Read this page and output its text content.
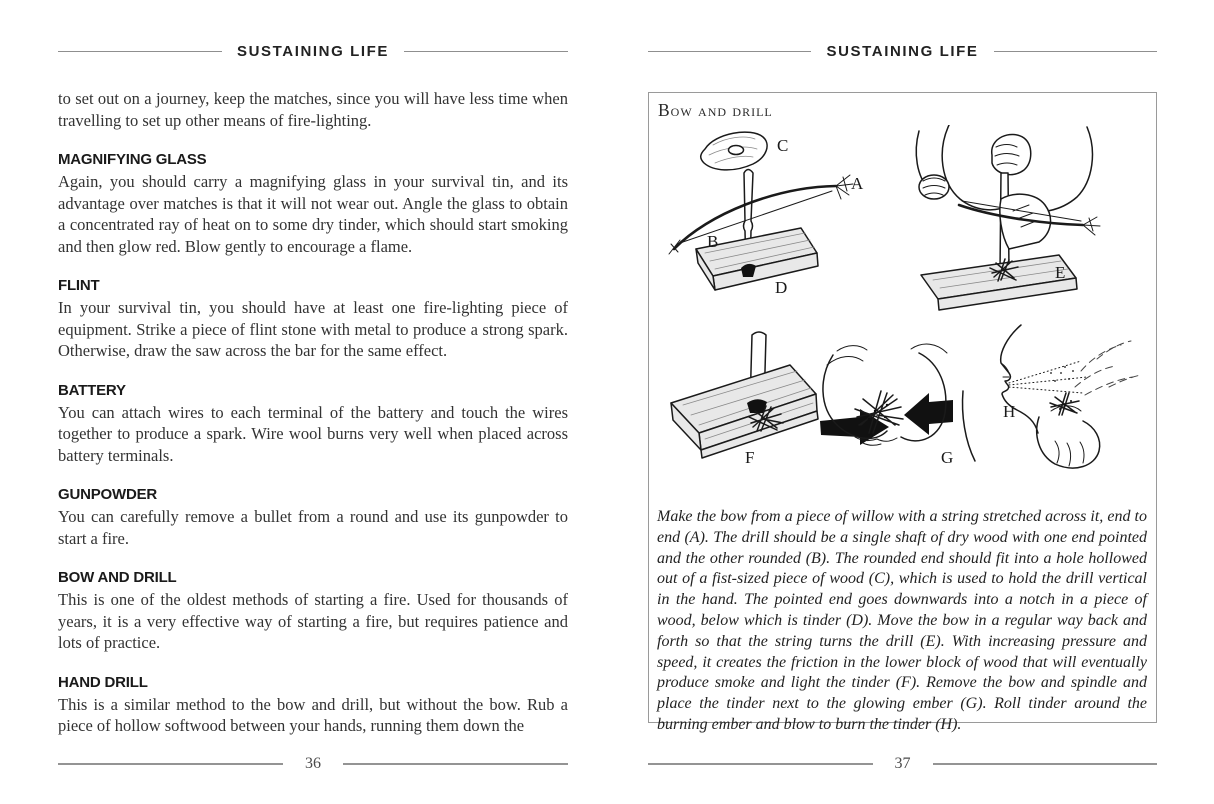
SUSTAINING LIFE

to set out on a journey, keep the matches, since you will have less time when travelling to set up other means of fire-lighting.

MAGNIFYING GLASS

Again, you should carry a magnifying glass in your survival tin, and its advantage over matches is that it will not wear out. Angle the glass to obtain a concentrated ray of heat on to some dry tinder, which should start smoking and then glow red. Blow gently to encourage a flame.

FLINT

In your survival tin, you should have at least one fire-lighting piece of equipment. Strike a piece of flint stone with metal to produce a strong spark. Otherwise, draw the saw across the bar for the same effect.

BATTERY

You can attach wires to each terminal of the battery and touch the wires together to produce a spark. Wire wool burns very well when placed across battery terminals.

GUNPOWDER

You can carefully remove a bullet from a round and use its gunpowder to start a fire.

BOW AND DRILL

This is one of the oldest methods of starting a fire. Used for thousands of years, it is a very effective way of starting a fire, but requires patience and lots of practice.

HAND DRILL

This is a similar method to the bow and drill, but without the bow. Rub a piece of hollow softwood between your hands, running them down the

SUSTAINING LIFE
Bow and drill
C
A
B
D
E
F	G
H

Make the bow from a piece of willow with a string stretched across it, end to end (A). The drill should be a single shaft of dry wood with one end pointed and the other rounded (B). The rounded end should fit into a hole hollowed out of a fist-sized piece of wood (C), which is used to hold the drill vertical in the hand. The pointed end goes downwards into a notch in a piece of wood, below which is tinder (D). Move the bow in a regular way back and forth so that the string turns the drill (E). With increasing pressure and speed, it creates the friction in the lower block of wood that will eventually produce smoke and light the tinder (F). Remove the bow and spindle and place the tinder next to the glowing ember (G). Roll tinder around the burning ember and blow to burn the tinder (H).

36	37
